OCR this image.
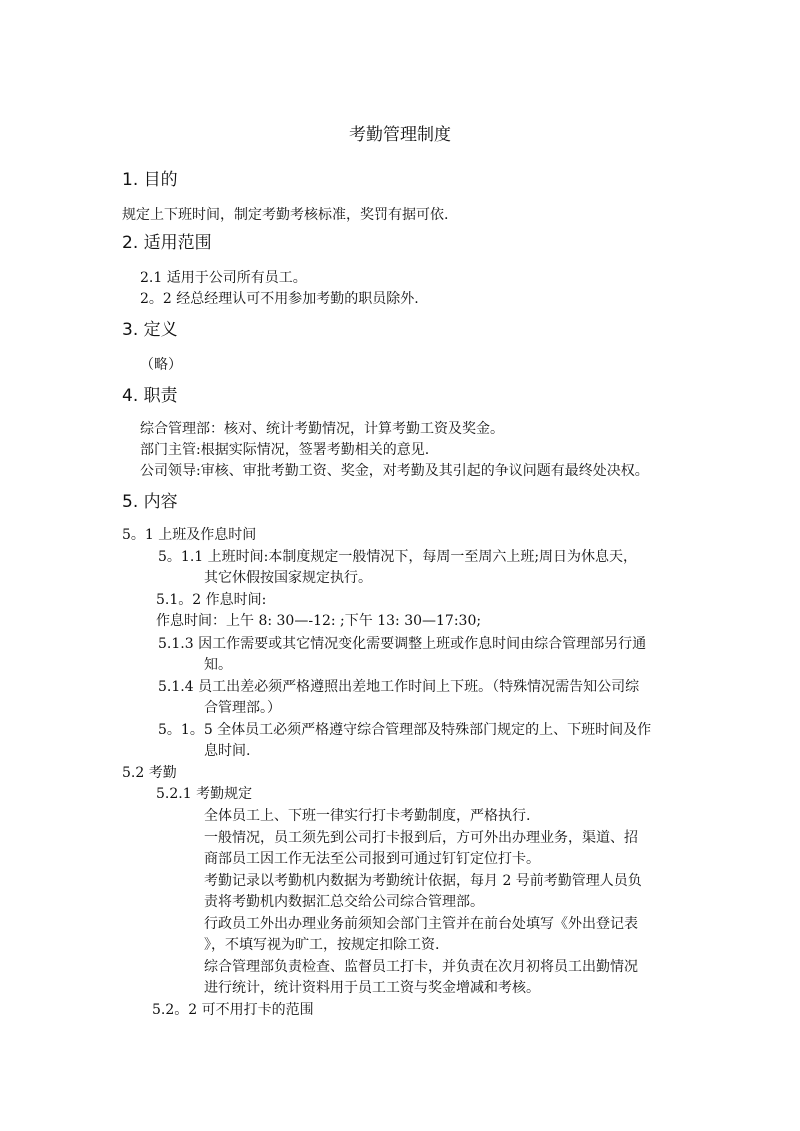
考勤管理制度
1. 目的
规定上下班时间，制定考勤考核标准，奖罚有据可依.
2. 适用范围
2.1 适用于公司所有员工。
2。2 经总经理认可不用参加考勤的职员除外.
3. 定义
（略）
4. 职责
综合管理部：核对、统计考勤情况，计算考勤工资及奖金。
部门主管:根据实际情况，签署考勤相关的意见.
公司领导:审核、审批考勤工资、奖金，对考勤及其引起的争议问题有最终处决权。
5. 内容
5。1 上班及作息时间
5。1.1 上班时间:本制度规定一般情况下，每周一至周六上班;周日为休息天，
其它休假按国家规定执行。
5.1。2 作息时间:
作息时间：上午 8: 30—-12: ;下午 13: 30—17:30;
5.1.3 因工作需要或其它情况变化需要调整上班或作息时间由综合管理部另行通
知。
5.1.4 员工出差必须严格遵照出差地工作时间上下班。（特殊情况需告知公司综
合管理部。）
5。1。5 全体员工必须严格遵守综合管理部及特殊部门规定的上、下班时间及作
息时间.
5.2 考勤
5.2.1 考勤规定
全体员工上、下班一律实行打卡考勤制度，严格执行.
一般情况，员工须先到公司打卡报到后，方可外出办理业务，渠道、招
商部员工因工作无法至公司报到可通过钉钉定位打卡。
考勤记录以考勤机内数据为考勤统计依据，每月 2 号前考勤管理人员负
责将考勤机内数据汇总交给公司综合管理部。
行政员工外出办理业务前须知会部门主管并在前台处填写《外出登记表
》，不填写视为旷工，按规定扣除工资.
综合管理部负责检查、监督员工打卡，并负责在次月初将员工出勤情况
进行统计，统计资料用于员工工资与奖金增减和考核。
5.2。2 可不用打卡的范围
